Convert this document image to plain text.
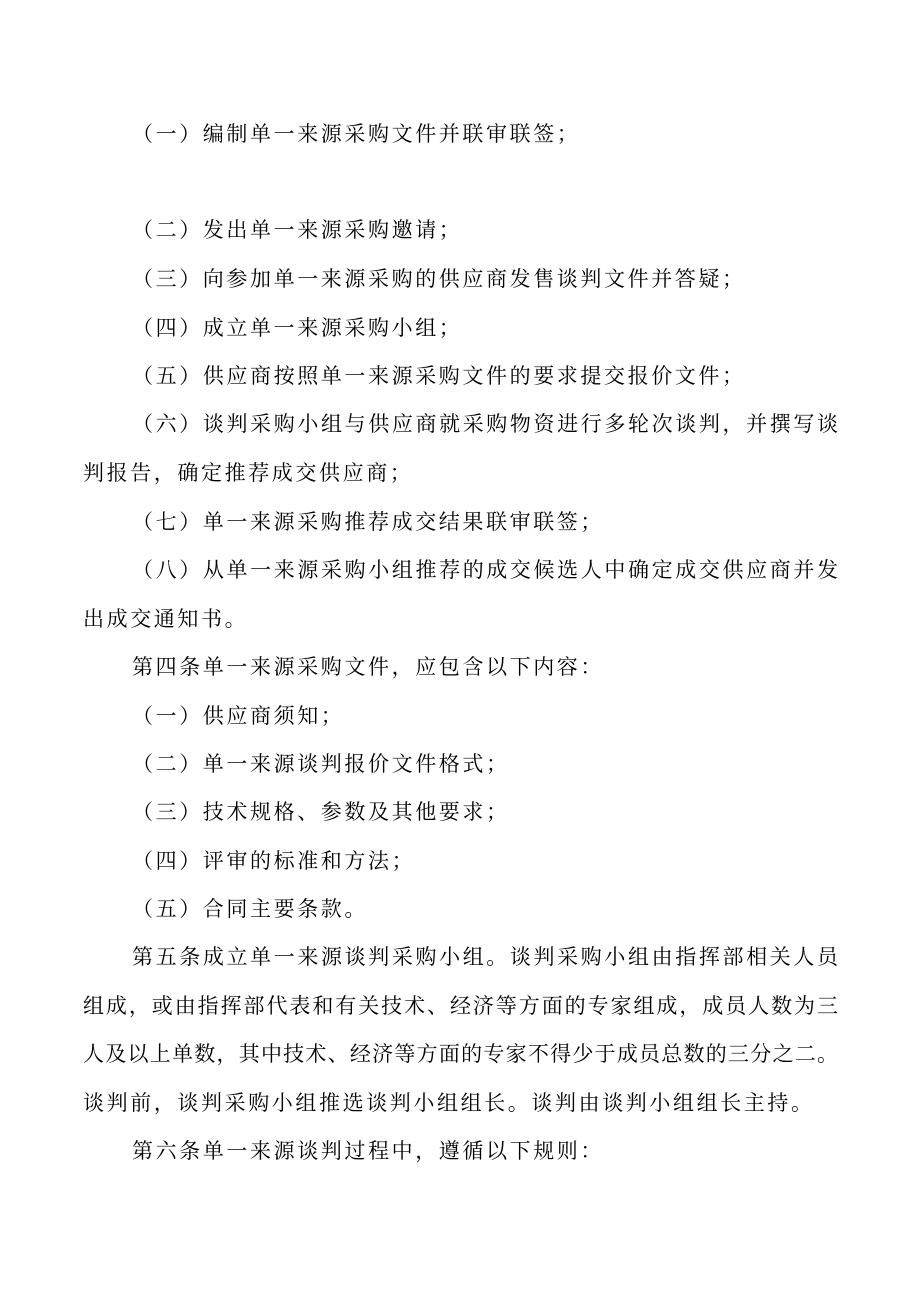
（一）编制单一来源采购文件并联审联签；
（二）发出单一来源采购邀请；
（三）向参加单一来源采购的供应商发售谈判文件并答疑；
（四）成立单一来源采购小组；
（五）供应商按照单一来源采购文件的要求提交报价文件；
（六）谈判采购小组与供应商就采购物资进行多轮次谈判，并撰写谈
判报告，确定推荐成交供应商；
（七）单一来源采购推荐成交结果联审联签；
（八）从单一来源采购小组推荐的成交候选人中确定成交供应商并发
出成交通知书。
第四条单一来源采购文件，应包含以下内容：
（一）供应商须知；
（二）单一来源谈判报价文件格式；
（三）技术规格、参数及其他要求；
（四）评审的标准和方法；
（五）合同主要条款。
第五条成立单一来源谈判采购小组。谈判采购小组由指挥部相关人员
组成，或由指挥部代表和有关技术、经济等方面的专家组成，成员人数为三
人及以上单数，其中技术、经济等方面的专家不得少于成员总数的三分之二。
谈判前，谈判采购小组推选谈判小组组长。谈判由谈判小组组长主持。
第六条单一来源谈判过程中，遵循以下规则：
